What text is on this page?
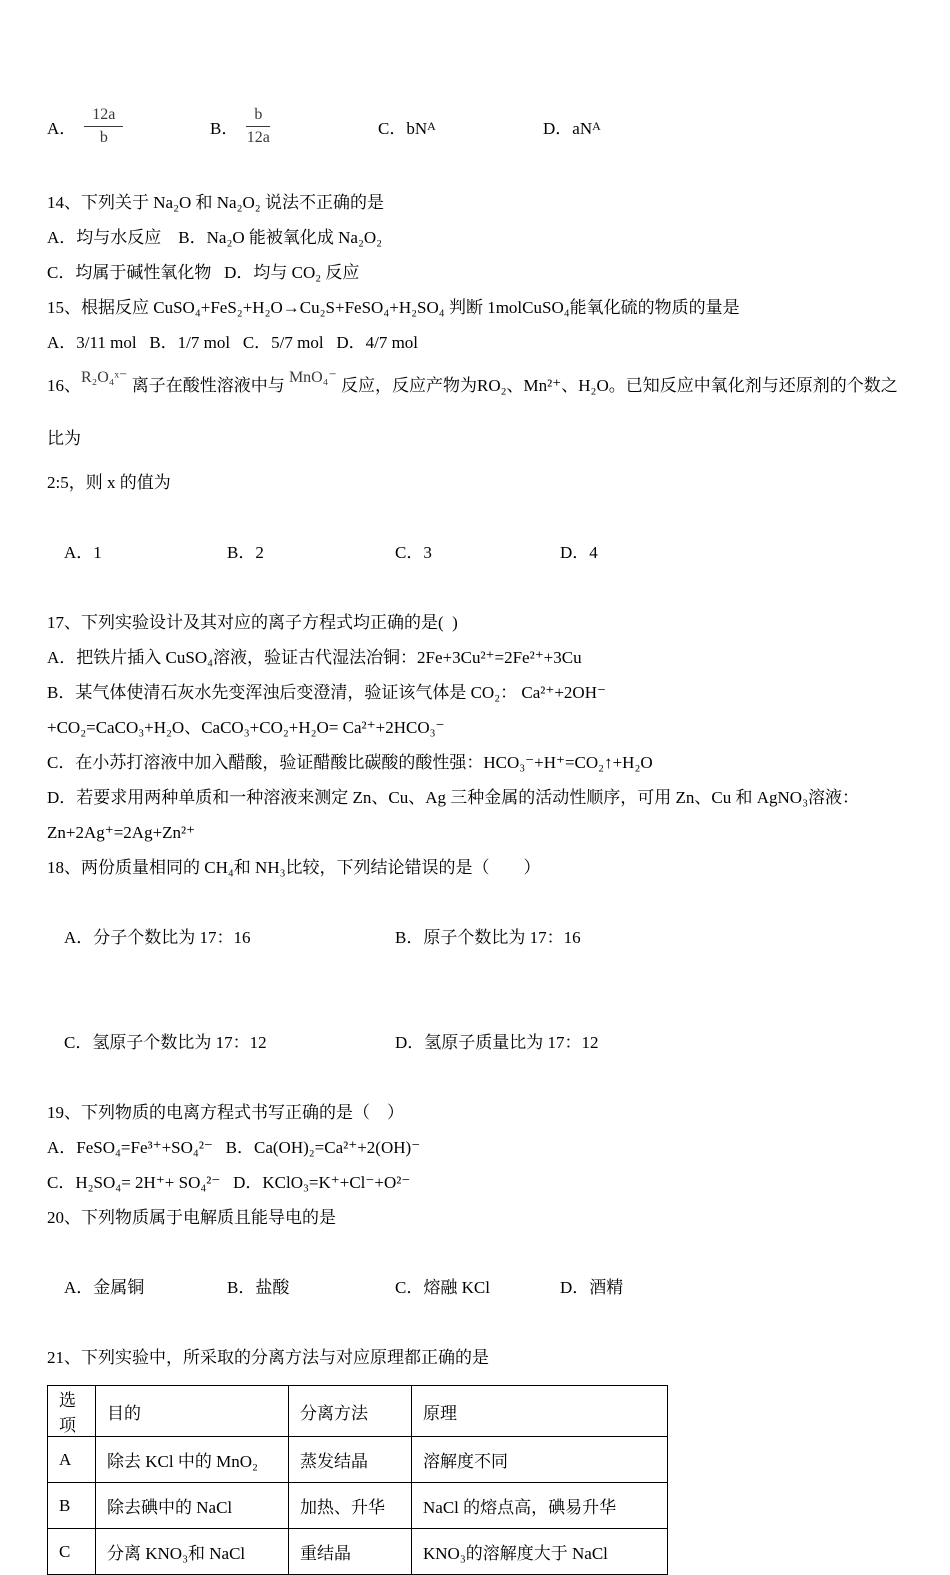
A． $\frac{12a}{b}$	B． $\frac{b}{12a}$	C．bN A	D．aN A

14、下列关于 Na₂O 和 Na₂O₂ 说法不正确的是

A．均与水反应    B．Na₂O 能被氧化成 Na₂O₂

C．均属于碱性氧化物   D．均与 CO₂ 反应

15、根据反应 CuSO₄+FeS₂+H₂O→Cu₂S+FeSO₄+H₂SO₄ 判断 1molCuSO₄能氧化硫的物质的量是

A．3/11 mol   B．1/7 mol   C．5/7 mol   D．4/7 mol

16、R₂O₄ˣ⁻ 离子在酸性溶液中与 MnO₄⁻ 反应，反应产物为RO₂、Mn²⁺、H₂O。已知反应中氧化剂与还原剂的个数之比为

2:5，则 x 的值为

A．1	B．2	C．3	D．4

17、下列实验设计及其对应的离子方程式均正确的是(  )

A．把铁片插入 CuSO₄溶液，验证古代湿法冶铜：2Fe+3Cu²⁺=2Fe²⁺+3Cu

B．某气体使清石灰水先变浑浊后变澄清，验证该气体是 CO₂： Ca²⁺+2OH⁻

+CO₂=CaCO₃+H₂O、CaCO₃+CO₂+H₂O= Ca²⁺+2HCO₃⁻

C．在小苏打溶液中加入醋酸，验证醋酸比碳酸的酸性强：HCO₃⁻+H⁺=CO₂↑+H₂O

D．若要求用两种单质和一种溶液来测定 Zn、Cu、Ag 三种金属的活动性顺序，可用 Zn、Cu 和 AgNO₃溶液：

Zn+2Ag⁺=2Ag+Zn²⁺

18、两份质量相同的 CH₄和 NH₃比较，下列结论错误的是（　　）

A．分子个数比为 17：16	B．原子个数比为 17：16

C．氢原子个数比为 17：12	D．氢原子质量比为 17：12

19、下列物质的电离方程式书写正确的是（　）

A．FeSO₄=Fe³⁺+SO₄²⁻   B．Ca(OH)₂=Ca²⁺+2(OH)⁻

C．H₂SO₄= 2H⁺+ SO₄²⁻   D．KClO₃=K⁺+Cl⁻+O²⁻

20、下列物质属于电解质且能导电的是

A．金属铜	B．盐酸	C．熔融 KCl	D．酒精

21、下列实验中，所采取的分离方法与对应原理都正确的是

选项	目的	分离方法	原理
A	除去 KCl 中的 MnO₂	蒸发结晶	溶解度不同
B	除去碘中的 NaCl	加热、升华	NaCl 的熔点高，碘易升华
C	分离 KNO₃和 NaCl	重结晶	KNO₃的溶解度大于 NaCl
